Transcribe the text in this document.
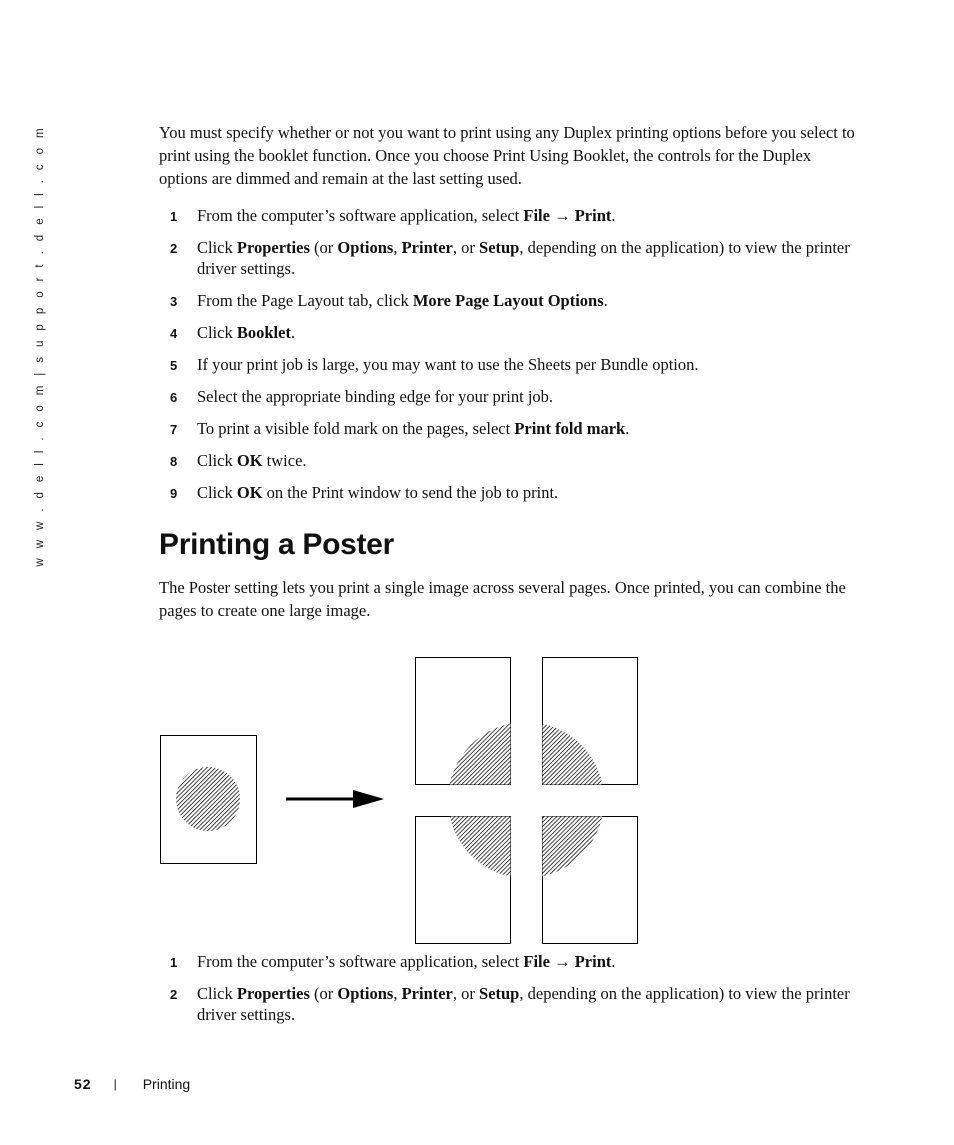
w w w . d e l l . c o m | s u p p o r t . d e l l . c o m	You must specify whether or not you want to print using any Duplex printing options before you select to print using the booklet function. Once you choose Print Using Booklet, the controls for the Duplex options are dimmed and remain at the last setting used.

1 From the computer’s software application, select File → Print.
2 Click Properties (or Options, Printer, or Setup, depending on the application) to view the printer driver settings.
3 From the Page Layout tab, click More Page Layout Options.
4 Click Booklet.
5 If your print job is large, you may want to use the Sheets per Bundle option.
6 Select the appropriate binding edge for your print job.
7 To print a visible fold mark on the pages, select Print fold mark.
8 Click OK twice.
9 Click OK on the Print window to send the job to print.
Printing a Poster

The Poster setting lets you print a single image across several pages. Once printed, you can combine the pages to create one large image.

1 From the computer’s software application, select File → Print.
2 Click Properties (or Options, Printer, or Setup, depending on the application) to view the printer driver settings.
52 | Printing
